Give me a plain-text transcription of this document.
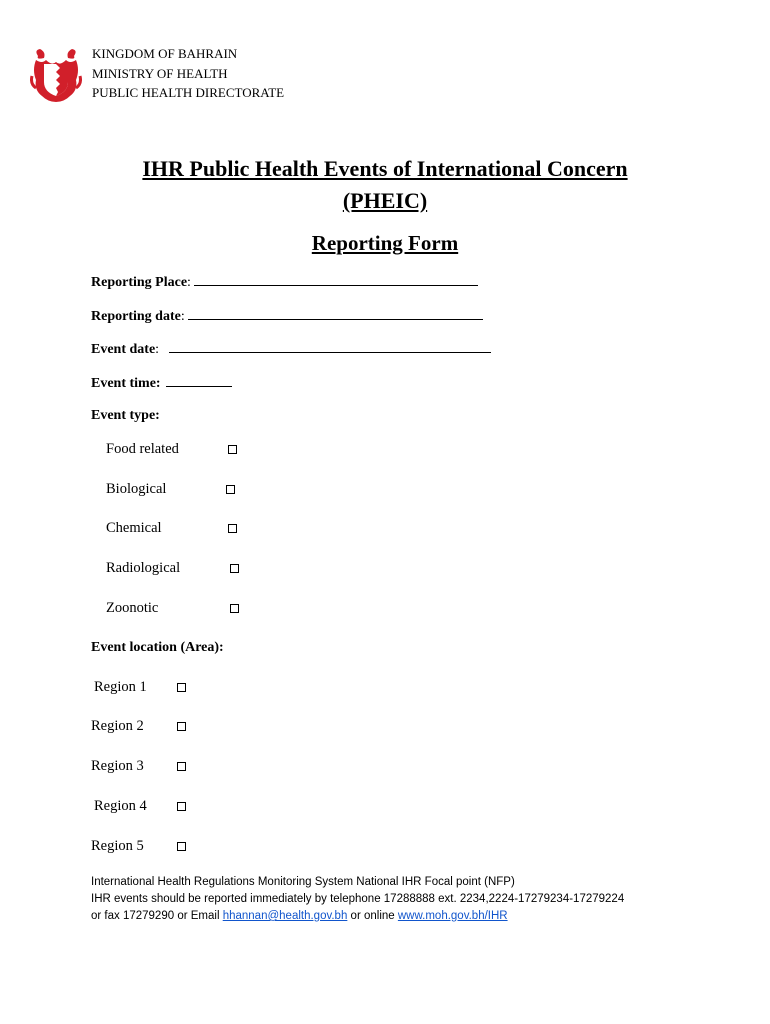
KINGDOM OF BAHRAIN
MINISTRY OF HEALTH
PUBLIC HEALTH DIRECTORATE
IHR Public Health Events of International Concern
(PHEIC)
Reporting Form
Reporting Place:
Reporting date:
Event date:
Event time:
Event type:
Food related
Biological
Chemical
Radiological
Zoonotic
Event location (Area):
Region 1
Region 2
Region 3
Region 4
Region 5
International Health Regulations Monitoring System National IHR Focal point (NFP)
IHR events should be reported immediately by telephone 17288888 ext. 2234,2224-17279234-17279224
or fax 17279290 or Email hhannan@health.gov.bh or online www.moh.gov.bh/IHR
